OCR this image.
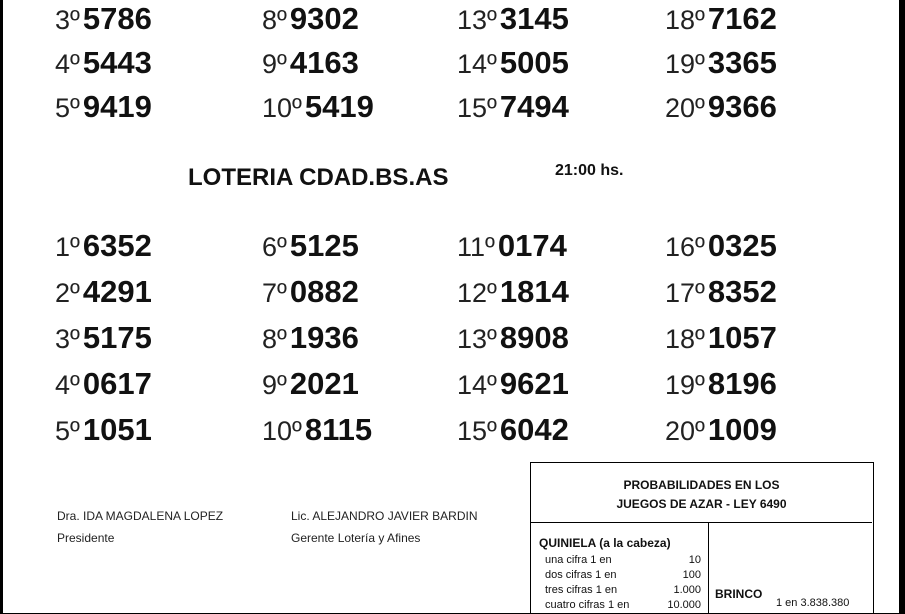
3º5786	8º9302	13º3145	18º7162
4º5443	9º4163	14º5005	19º3365
5º9419	10º5419	15º7494	20º9366
LOTERIA CDAD.BS.AS	21:00 hs.
1º6352	6º5125	11º0174	16º0325
2º4291	7º0882	12º1814	17º8352
3º5175	8º1936	13º8908	18º1057
4º0617	9º2021	14º9621	19º8196
5º1051	10º8115	15º6042	20º1009
Dra. IDA MAGDALENA LOPEZ
Presidente
Lic. ALEJANDRO JAVIER BARDIN
Gerente Lotería y Afines
PROBABILIDADES EN LOS
JUEGOS DE AZAR - LEY 6490
QUINIELA (a la cabeza)
una cifra 1 en	10
dos cifras 1 en	100
tres cifras 1 en	1.000
cuatro cifras 1 en	10.000
BRINCO
1 en 3.838.380
